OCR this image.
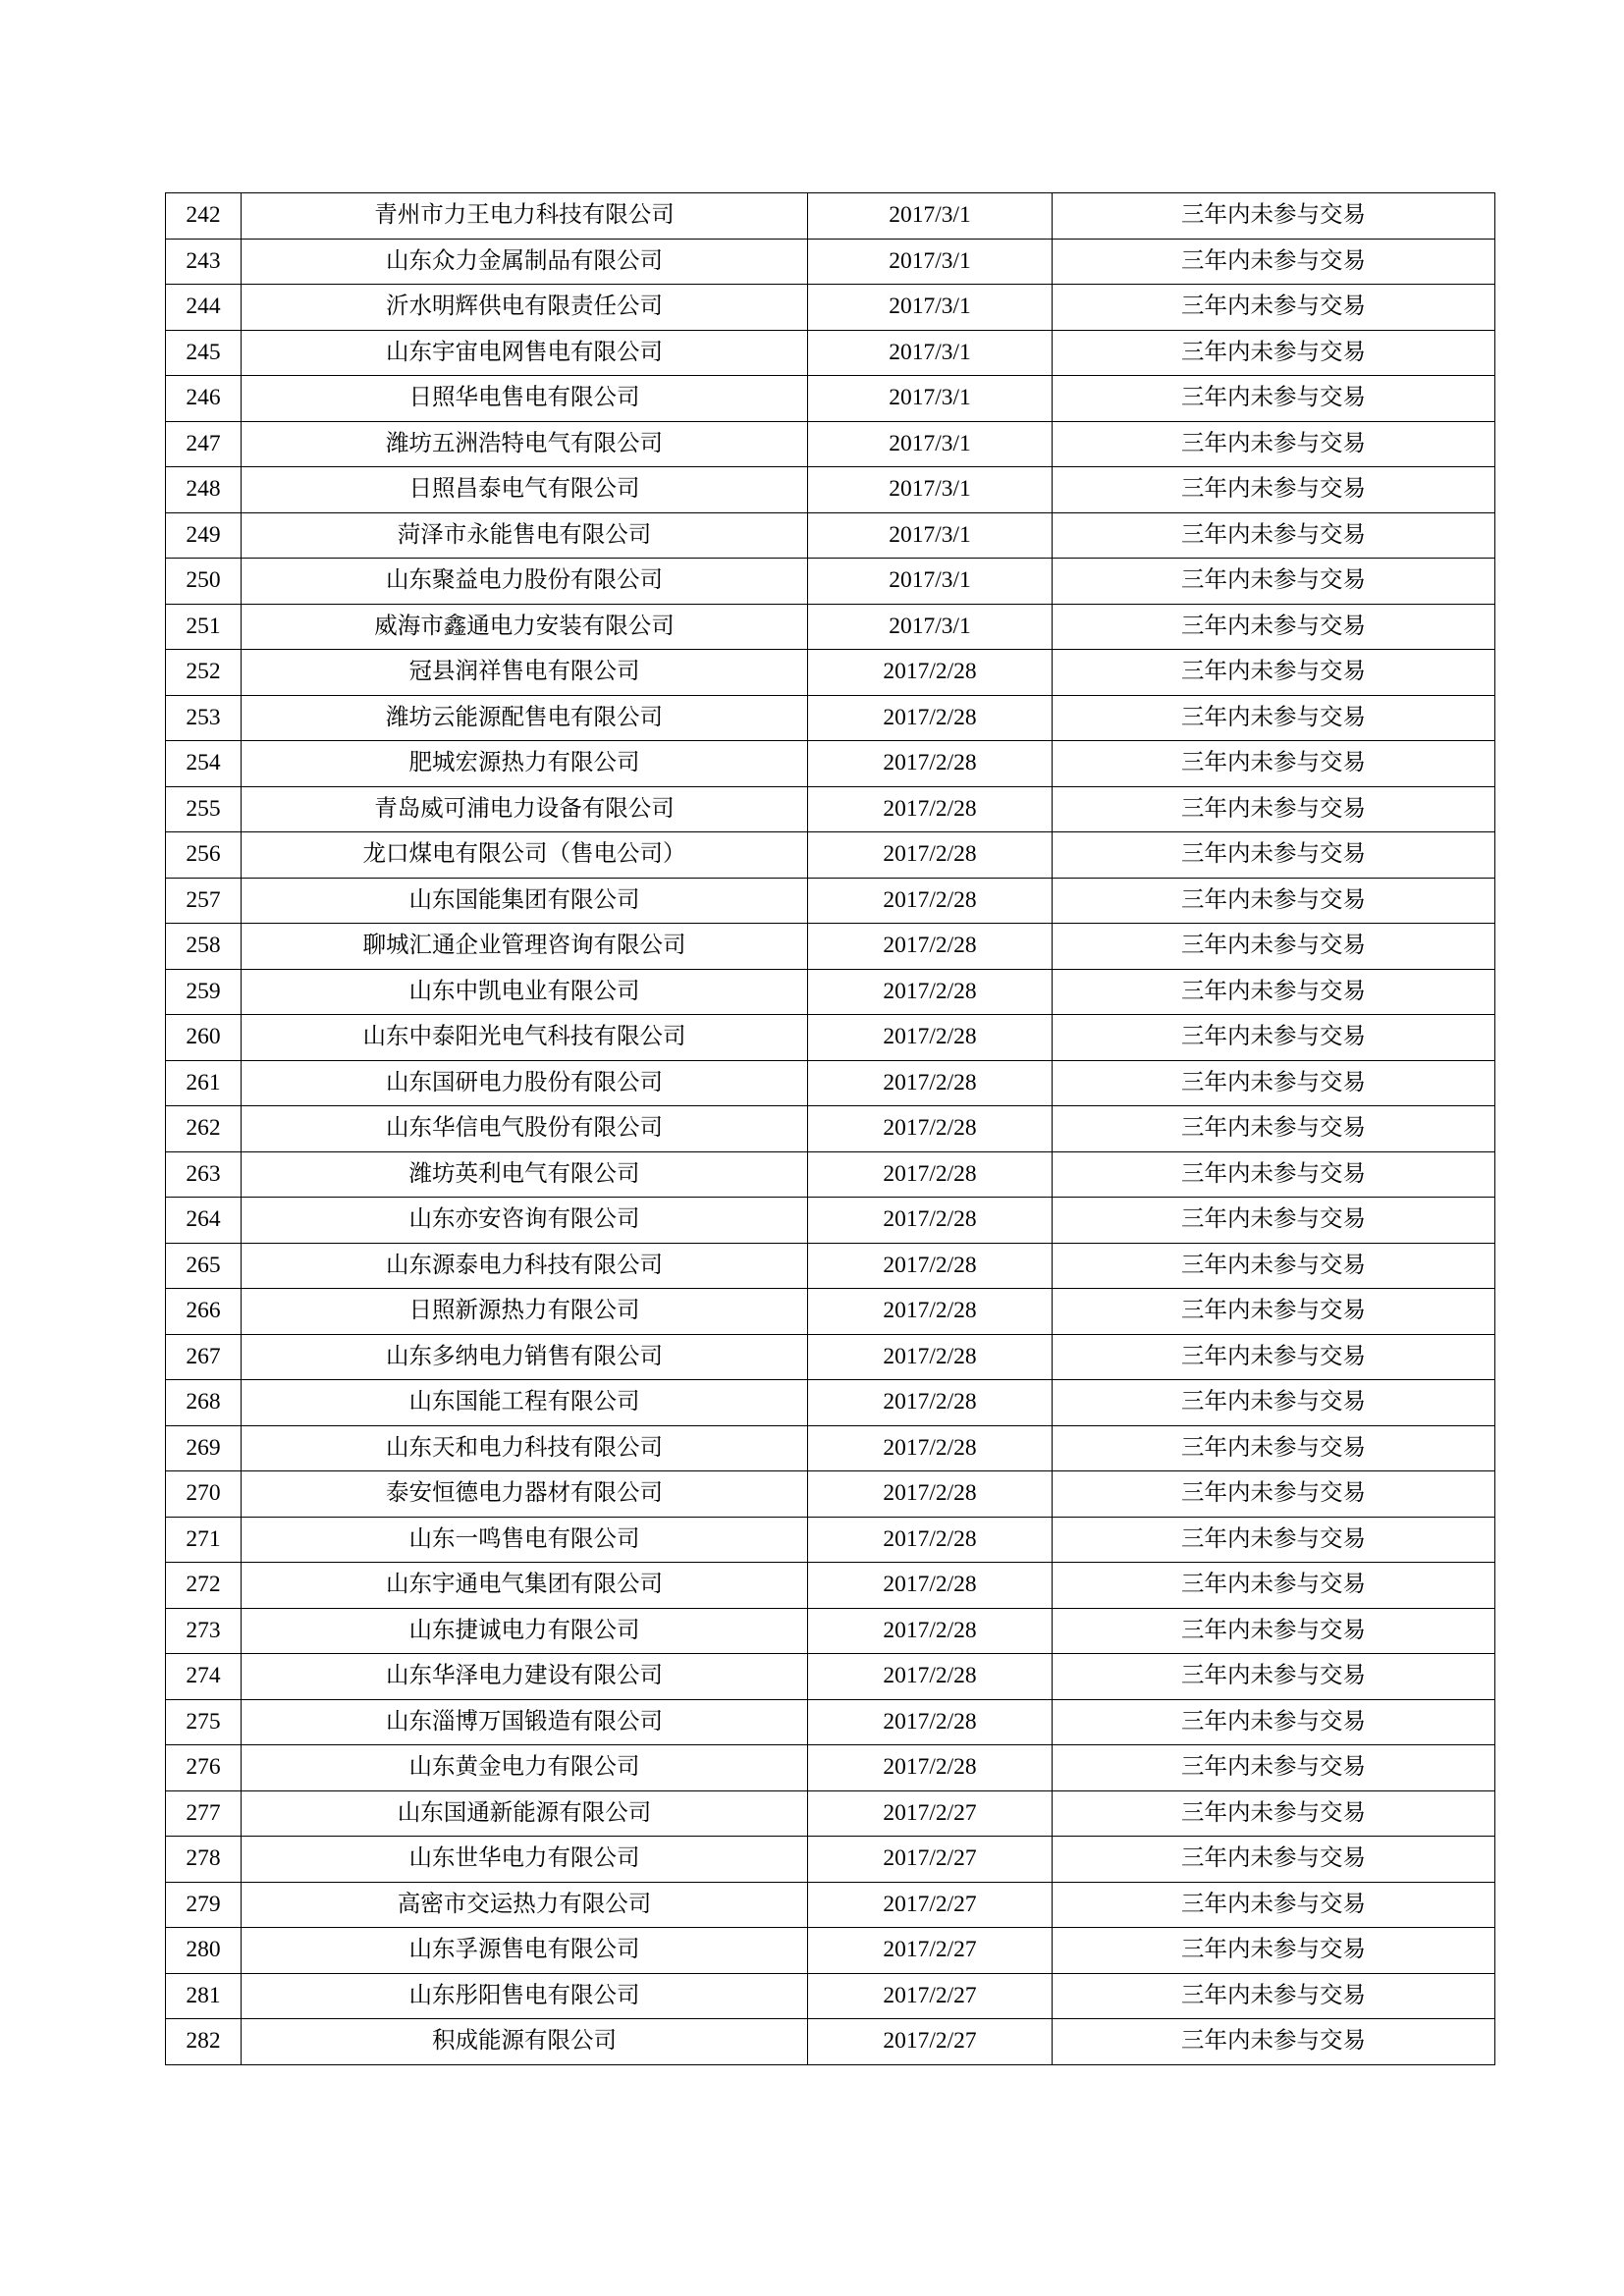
242	青州市力王电力科技有限公司	2017/3/1	三年内未参与交易
243	山东众力金属制品有限公司	2017/3/1	三年内未参与交易
244	沂水明辉供电有限责任公司	2017/3/1	三年内未参与交易
245	山东宇宙电网售电有限公司	2017/3/1	三年内未参与交易
246	日照华电售电有限公司	2017/3/1	三年内未参与交易
247	潍坊五洲浩特电气有限公司	2017/3/1	三年内未参与交易
248	日照昌泰电气有限公司	2017/3/1	三年内未参与交易
249	菏泽市永能售电有限公司	2017/3/1	三年内未参与交易
250	山东聚益电力股份有限公司	2017/3/1	三年内未参与交易
251	威海市鑫通电力安装有限公司	2017/3/1	三年内未参与交易
252	冠县润祥售电有限公司	2017/2/28	三年内未参与交易
253	潍坊云能源配售电有限公司	2017/2/28	三年内未参与交易
254	肥城宏源热力有限公司	2017/2/28	三年内未参与交易
255	青岛威可浦电力设备有限公司	2017/2/28	三年内未参与交易
256	龙口煤电有限公司（售电公司）	2017/2/28	三年内未参与交易
257	山东国能集团有限公司	2017/2/28	三年内未参与交易
258	聊城汇通企业管理咨询有限公司	2017/2/28	三年内未参与交易
259	山东中凯电业有限公司	2017/2/28	三年内未参与交易
260	山东中泰阳光电气科技有限公司	2017/2/28	三年内未参与交易
261	山东国研电力股份有限公司	2017/2/28	三年内未参与交易
262	山东华信电气股份有限公司	2017/2/28	三年内未参与交易
263	潍坊英利电气有限公司	2017/2/28	三年内未参与交易
264	山东亦安咨询有限公司	2017/2/28	三年内未参与交易
265	山东源泰电力科技有限公司	2017/2/28	三年内未参与交易
266	日照新源热力有限公司	2017/2/28	三年内未参与交易
267	山东多纳电力销售有限公司	2017/2/28	三年内未参与交易
268	山东国能工程有限公司	2017/2/28	三年内未参与交易
269	山东天和电力科技有限公司	2017/2/28	三年内未参与交易
270	泰安恒德电力器材有限公司	2017/2/28	三年内未参与交易
271	山东一鸣售电有限公司	2017/2/28	三年内未参与交易
272	山东宇通电气集团有限公司	2017/2/28	三年内未参与交易
273	山东捷诚电力有限公司	2017/2/28	三年内未参与交易
274	山东华泽电力建设有限公司	2017/2/28	三年内未参与交易
275	山东淄博万国锻造有限公司	2017/2/28	三年内未参与交易
276	山东黄金电力有限公司	2017/2/28	三年内未参与交易
277	山东国通新能源有限公司	2017/2/27	三年内未参与交易
278	山东世华电力有限公司	2017/2/27	三年内未参与交易
279	高密市交运热力有限公司	2017/2/27	三年内未参与交易
280	山东孚源售电有限公司	2017/2/27	三年内未参与交易
281	山东彤阳售电有限公司	2017/2/27	三年内未参与交易
282	积成能源有限公司	2017/2/27	三年内未参与交易
